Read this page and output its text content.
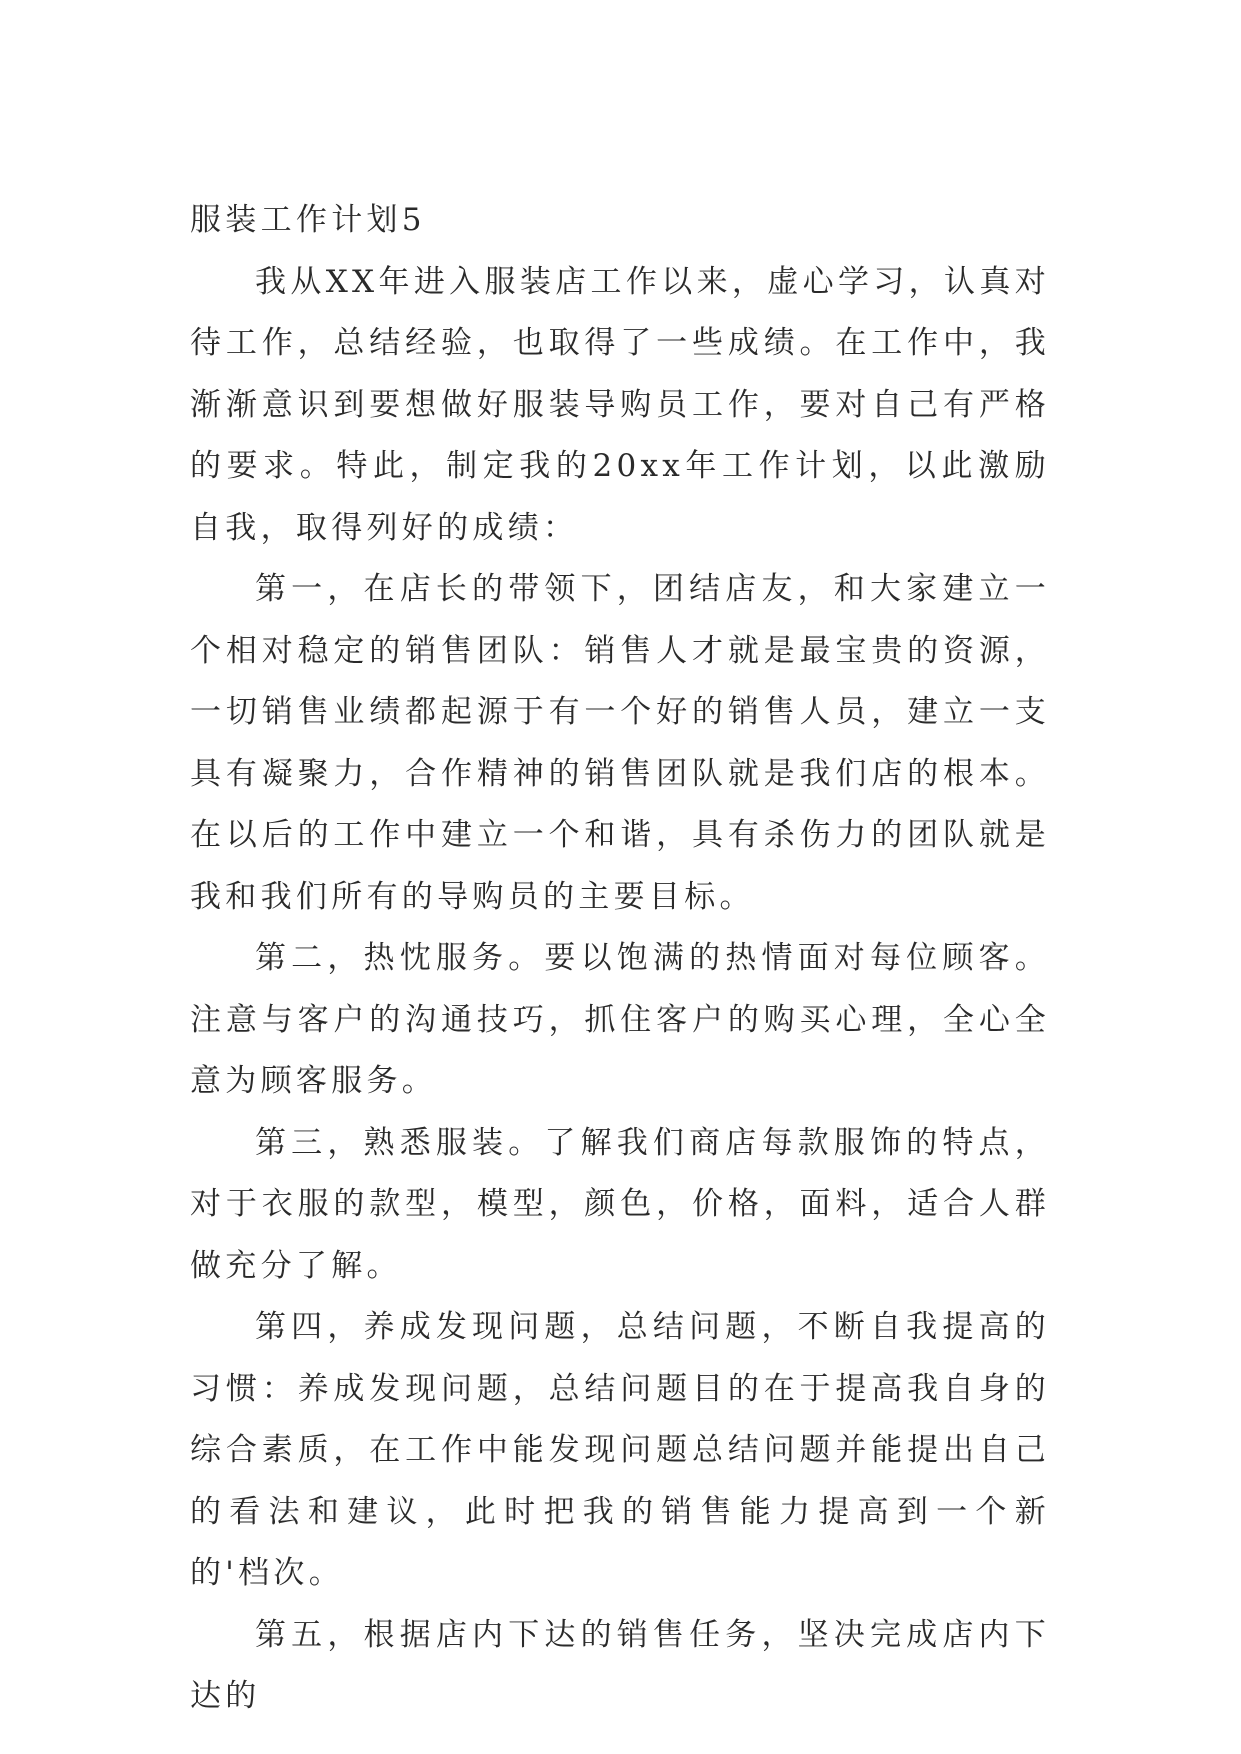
服装工作计划5

我从XX年进入服装店工作以来，虚心学习，认真对待工作，总结经验，也取得了一些成绩。在工作中，我渐渐意识到要想做好服装导购员工作，要对自己有严格的要求。特此，制定我的20xx年工作计划，以此激励自我，取得列好的成绩：

第一，在店长的带领下，团结店友，和大家建立一个相对稳定的销售团队：销售人才就是最宝贵的资源，一切销售业绩都起源于有一个好的销售人员，建立一支具有凝聚力，合作精神的销售团队就是我们店的根本。在以后的工作中建立一个和谐，具有杀伤力的团队就是我和我们所有的导购员的主要目标。

第二，热忱服务。要以饱满的热情面对每位顾客。注意与客户的沟通技巧，抓住客户的购买心理，全心全意为顾客服务。

第三，熟悉服装。了解我们商店每款服饰的特点，对于衣服的款型，模型，颜色，价格，面料，适合人群做充分了解。

第四，养成发现问题，总结问题，不断自我提高的习惯：养成发现问题，总结问题目的在于提高我自身的综合素质，在工作中能发现问题总结问题并能提出自己的看法和建议，此时把我的销售能力提高到一个新的'档次。

第五，根据店内下达的销售任务，坚决完成店内下达的
